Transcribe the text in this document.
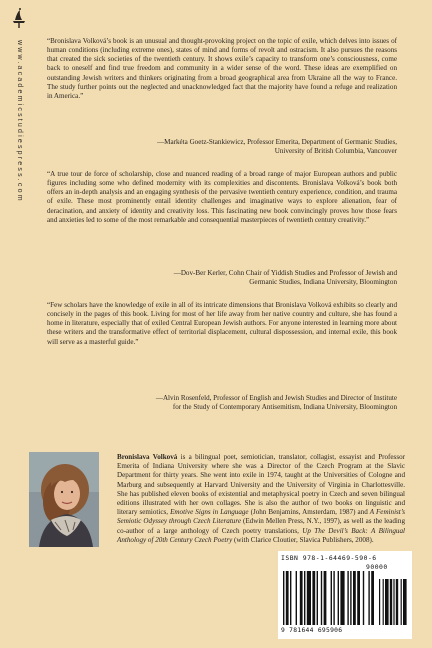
www.academicstudiespress.com	“Bronislava Volková’s book is an unusual and thought-provoking project on the topic of exile, which delves into issues of human conditions (including extreme ones), states of mind and forms of revolt and ostracism. It also pursues the reasons that created the sick societies of the twentieth century. It shows exile’s capacity to transform one’s consciousness, come back to oneself and find true freedom and community in a wider sense of the word. These ideas are exemplified on outstanding Jewish writers and thinkers originating from a broad geographical area from Ukraine all the way to France. The study further points out the neglected and unacknowledged fact that the majority have found a refuge and realization in America.”
—Markéta Goetz-Stankiewicz, Professor Emerita, Department of Germanic Studies,
University of British Columbia, Vancouver
“A true tour de force of scholarship, close and nuanced reading of a broad range of major European authors and public figures including some who defined modernity with its complexities and discontents. Bronislava Volková’s book both offers an in-depth analysis and an engaging synthesis of the pervasive twentieth century experience, condition, and trauma of exile. These most prominently entail identity challenges and imaginative ways to explore alienation, fear of deracination, and anxiety of identity and creativity loss. This fascinating new book convincingly proves how those fears and anxieties led to some of the most remarkable and consequential masterpieces of twentieth century creativity.”
—Dov-Ber Kerler, Cohn Chair of Yiddish Studies and Professor of Jewish and
Germanic Studies, Indiana University, Bloomington
“Few scholars have the knowledge of exile in all of its intricate dimensions that Bronislava Volková exhibits so clearly and concisely in the pages of this book. Living for most of her life away from her native country and culture, she has found a home in literature, especially that of exiled Central European Jewish authors. For anyone interested in learning more about these writers and the transformative effect of territorial displacement, cultural dispossession, and internal exile, this book will serve as a masterful guide.”
—Alvin Rosenfeld, Professor of English and Jewish Studies and Director of Institute
for the Study of Contemporary Antisemitism, Indiana University, Bloomington
Bronislava Volková is a bilingual poet, semiotician, translator, collagist, essayist and Professor Emerita of Indiana University where she was a Director of the Czech Program at the Slavic Department for thirty years. She went into exile in 1974, taught at the Universities of Cologne and Marburg and subsequently at Harvard University and the University of Virginia in Charlottesville. She has published eleven books of existential and metaphysical poetry in Czech and seven bilingual editions illustrated with her own collages. She is also the author of two books on linguistic and literary semiotics, Emotive Signs in Language (John Benjamins, Amsterdam, 1987) and A Feminist’s Semiotic Odyssey through Czech Literature (Edwin Mellen Press, N.Y., 1997), as well as the leading co-author of a large anthology of Czech poetry translations, Up The Devil’s Back: A Bilingual Anthology of 20th Century Czech Poetry (with Clarice Cloutier, Slavica Publishers, 2008).
ISBN 978-1-64469-590-6
90000
9 781644 695906
